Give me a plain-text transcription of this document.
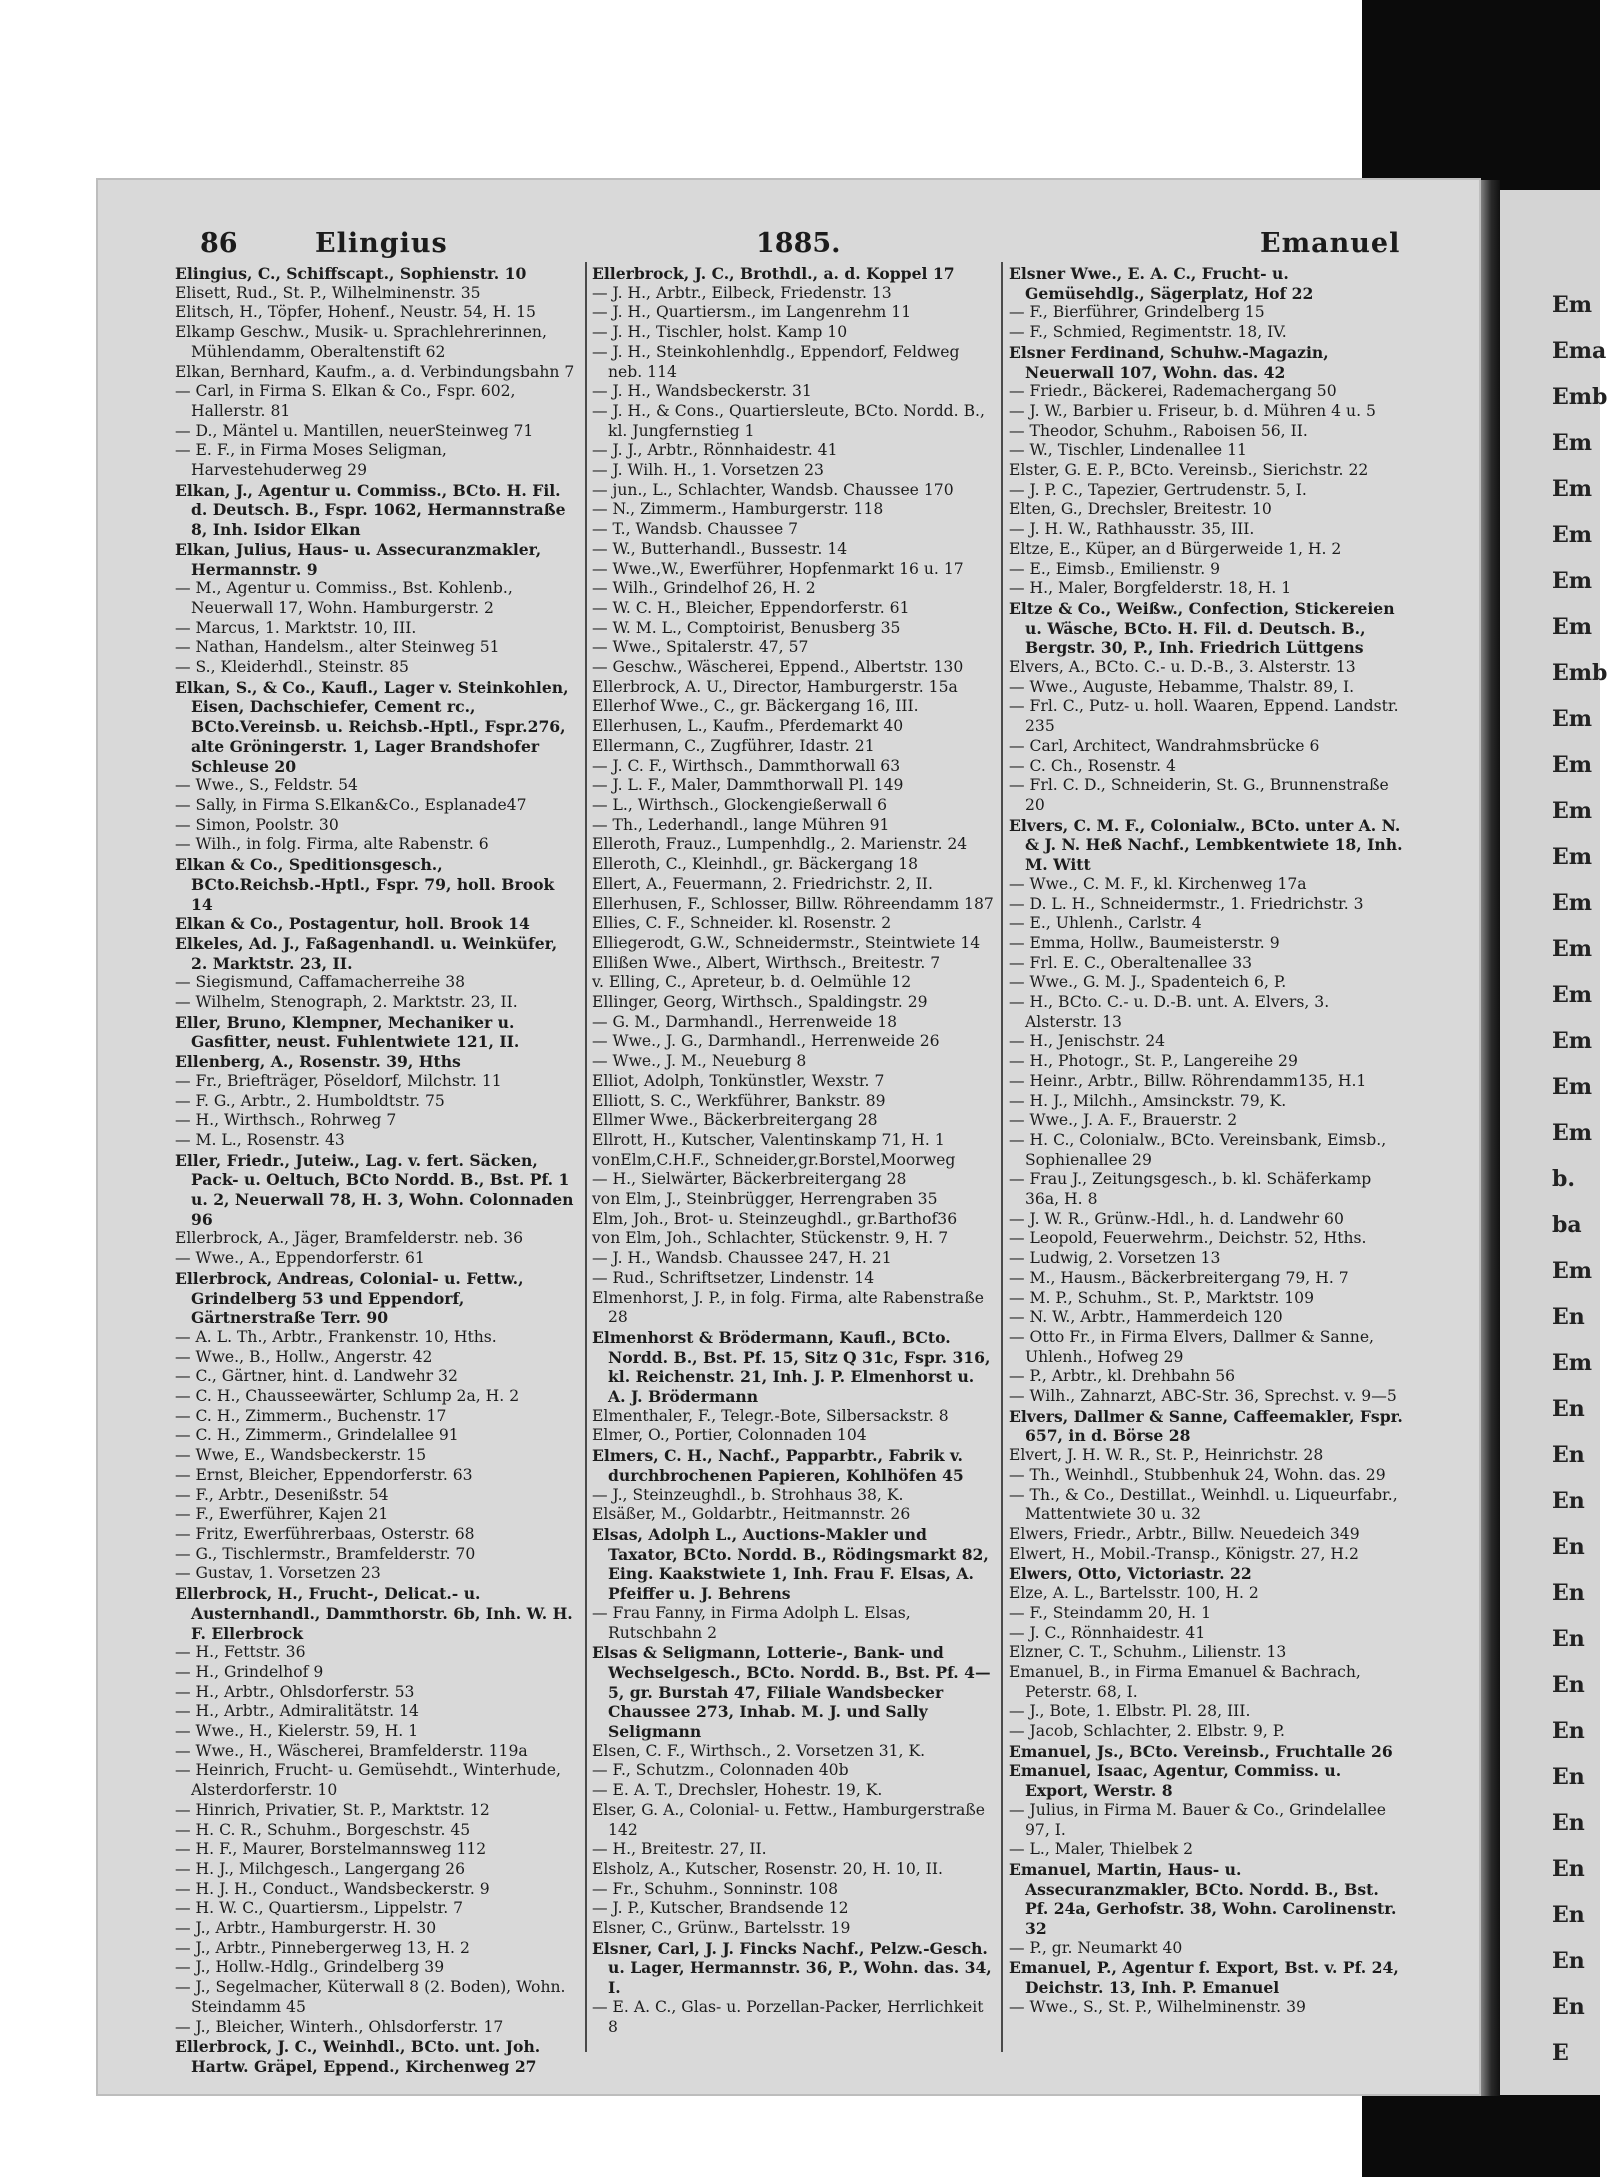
86	Elingius	1885.	Emanuel

Elingius, C., Schiffscapt., Sophienstr. 10

Elisett, Rud., St. P., Wilhelminenstr. 35

Elitsch, H., Töpfer, Hohenf., Neustr. 54, H. 15

Elkamp Geschw., Musik- u. Sprachlehrerinnen, Mühlendamm, Oberaltenstift 62

Elkan, Bernhard, Kaufm., a. d. Verbindungsbahn 7

— Carl, in Firma S. Elkan & Co., Fspr. 602, Hallerstr. 81

— D., Mäntel u. Mantillen, neuerSteinweg 71

— E. F., in Firma Moses Seligman, Harvestehuderweg 29

Elkan, J., Agentur u. Commiss., BCto. H. Fil. d. Deutsch. B., Fspr. 1062, Hermannstraße 8, Inh. Isidor Elkan

Elkan, Julius, Haus- u. Assecuranzmakler, Hermannstr. 9

— M., Agentur u. Commiss., Bst. Kohlenb., Neuerwall 17, Wohn. Hamburgerstr. 2

— Marcus, 1. Marktstr. 10, III.

— Nathan, Handelsm., alter Steinweg 51

— S., Kleiderhdl., Steinstr. 85

Elkan, S., & Co., Kaufl., Lager v. Steinkohlen, Eisen, Dachschiefer, Cement rc., BCto.Vereinsb. u. Reichsb.-Hptl., Fspr.276, alte Gröningerstr. 1, Lager Brandshofer Schleuse 20

— Wwe., S., Feldstr. 54

— Sally, in Firma S.Elkan&Co., Esplanade47

— Simon, Poolstr. 30

— Wilh., in folg. Firma, alte Rabenstr. 6

Elkan & Co., Speditionsgesch., BCto.Reichsb.-Hptl., Fspr. 79, holl. Brook 14

Elkan & Co., Postagentur, holl. Brook 14

Elkeles, Ad. J., Faßagenhandl. u. Weinküfer, 2. Marktstr. 23, II.

— Siegismund, Caffamacherreihe 38

— Wilhelm, Stenograph, 2. Marktstr. 23, II.

Eller, Bruno, Klempner, Mechaniker u. Gasfitter, neust. Fuhlentwiete 121, II.

Ellenberg, A., Rosenstr. 39, Hths

— Fr., Briefträger, Pöseldorf, Milchstr. 11

— F. G., Arbtr., 2. Humboldtstr. 75

— H., Wirthsch., Rohrweg 7

— M. L., Rosenstr. 43

Eller, Friedr., Juteiw., Lag. v. fert. Säcken, Pack- u. Oeltuch, BCto Nordd. B., Bst. Pf. 1 u. 2, Neuerwall 78, H. 3, Wohn. Colonnaden 96

Ellerbrock, A., Jäger, Bramfelderstr. neb. 36

— Wwe., A., Eppendorferstr. 61

Ellerbrock, Andreas, Colonial- u. Fettw., Grindelberg 53 und Eppendorf, Gärtnerstraße Terr. 90

— A. L. Th., Arbtr., Frankenstr. 10, Hths.

— Wwe., B., Hollw., Angerstr. 42

— C., Gärtner, hint. d. Landwehr 32

— C. H., Chausseewärter, Schlump 2a, H. 2

— C. H., Zimmerm., Buchenstr. 17

— C. H., Zimmerm., Grindelallee 91

— Wwe, E., Wandsbeckerstr. 15

— Ernst, Bleicher, Eppendorferstr. 63

— F., Arbtr., Desenißstr. 54

— F., Ewerführer, Kajen 21

— Fritz, Ewerführerbaas, Osterstr. 68

— G., Tischlermstr., Bramfelderstr. 70

— Gustav, 1. Vorsetzen 23

Ellerbrock, H., Frucht-, Delicat.- u. Austernhandl., Dammthorstr. 6b, Inh. W. H. F. Ellerbrock

— H., Fettstr. 36

— H., Grindelhof 9

— H., Arbtr., Ohlsdorferstr. 53

— H., Arbtr., Admiralitätstr. 14

— Wwe., H., Kielerstr. 59, H. 1

— Wwe., H., Wäscherei, Bramfelderstr. 119a

— Heinrich, Frucht- u. Gemüsehdt., Winterhude, Alsterdorferstr. 10

— Hinrich, Privatier, St. P., Marktstr. 12

— H. C. R., Schuhm., Borgeschstr. 45

— H. F., Maurer, Borstelmannsweg 112

— H. J., Milchgesch., Langergang 26

— H. J. H., Conduct., Wandsbeckerstr. 9

— H. W. C., Quartiersm., Lippelstr. 7

— J., Arbtr., Hamburgerstr. H. 30

— J., Arbtr., Pinnebergerweg 13, H. 2

— J., Hollw.-Hdlg., Grindelberg 39

— J., Segelmacher, Küterwall 8 (2. Boden), Wohn. Steindamm 45

— J., Bleicher, Winterh., Ohlsdorferstr. 17

Ellerbrock, J. C., Weinhdl., BCto. unt. Joh. Hartw. Gräpel, Eppend., Kirchenweg 27

Ellerbrock, J. C., Brothdl., a. d. Koppel 17

— J. H., Arbtr., Eilbeck, Friedenstr. 13

— J. H., Quartiersm., im Langenrehm 11

— J. H., Tischler, holst. Kamp 10

— J. H., Steinkohlenhdlg., Eppendorf, Feldweg neb. 114

— J. H., Wandsbeckerstr. 31

— J. H., & Cons., Quartiersleute, BCto. Nordd. B., kl. Jungfernstieg 1

— J. J., Arbtr., Rönnhaidestr. 41

— J. Wilh. H., 1. Vorsetzen 23

— jun., L., Schlachter, Wandsb. Chaussee 170

— N., Zimmerm., Hamburgerstr. 118

— T., Wandsb. Chaussee 7

— W., Butterhandl., Bussestr. 14

— Wwe.,W., Ewerführer, Hopfenmarkt 16 u. 17

— Wilh., Grindelhof 26, H. 2

— W. C. H., Bleicher, Eppendorferstr. 61

— W. M. L., Comptoirist, Benusberg 35

— Wwe., Spitalerstr. 47, 57

— Geschw., Wäscherei, Eppend., Albertstr. 130

Ellerbrock, A. U., Director, Hamburgerstr. 15a

Ellerhof Wwe., C., gr. Bäckergang 16, III.

Ellerhusen, L., Kaufm., Pferdemarkt 40

Ellermann, C., Zugführer, Idastr. 21

— J. C. F., Wirthsch., Dammthorwall 63

— J. L. F., Maler, Dammthorwall Pl. 149

— L., Wirthsch., Glockengießerwall 6

— Th., Lederhandl., lange Mühren 91

Elleroth, Frauz., Lumpenhdlg., 2. Marienstr. 24

Elleroth, C., Kleinhdl., gr. Bäckergang 18

Ellert, A., Feuermann, 2. Friedrichstr. 2, II.

Ellerhusen, F., Schlosser, Billw. Röhreendamm 187

Ellies, C. F., Schneider. kl. Rosenstr. 2

Elliegerodt, G.W., Schneidermstr., Steintwiete 14

Ellißen Wwe., Albert, Wirthsch., Breitestr. 7

v. Elling, C., Apreteur, b. d. Oelmühle 12

Ellinger, Georg, Wirthsch., Spaldingstr. 29

— G. M., Darmhandl., Herrenweide 18

— Wwe., J. G., Darmhandl., Herrenweide 26

— Wwe., J. M., Neueburg 8

Elliot, Adolph, Tonkünstler, Wexstr. 7

Elliott, S. C., Werkführer, Bankstr. 89

Ellmer Wwe., Bäckerbreitergang 28

Ellrott, H., Kutscher, Valentinskamp 71, H. 1

vonElm,C.H.F., Schneider,gr.Borstel,Moorweg

— H., Sielwärter, Bäckerbreitergang 28

von Elm, J., Steinbrügger, Herrengraben 35

Elm, Joh., Brot- u. Steinzeughdl., gr.Barthof36

von Elm, Joh., Schlachter, Stückenstr. 9, H. 7

— J. H., Wandsb. Chaussee 247, H. 21

— Rud., Schriftsetzer, Lindenstr. 14

Elmenhorst, J. P., in folg. Firma, alte Rabenstraße 28

Elmenhorst & Brödermann, Kaufl., BCto. Nordd. B., Bst. Pf. 15, Sitz Q 31c, Fspr. 316, kl. Reichenstr. 21, Inh. J. P. Elmenhorst u. A. J. Brödermann

Elmenthaler, F., Telegr.-Bote, Silbersackstr. 8

Elmer, O., Portier, Colonnaden 104

Elmers, C. H., Nachf., Papparbtr., Fabrik v. durchbrochenen Papieren, Kohlhöfen 45

— J., Steinzeughdl., b. Strohhaus 38, K.

Elsäßer, M., Goldarbtr., Heitmannstr. 26

Elsas, Adolph L., Auctions-Makler und Taxator, BCto. Nordd. B., Rödingsmarkt 82, Eing. Kaakstwiete 1, Inh. Frau F. Elsas, A. Pfeiffer u. J. Behrens

— Frau Fanny, in Firma Adolph L. Elsas, Rutschbahn 2

Elsas & Seligmann, Lotterie-, Bank- und Wechselgesch., BCto. Nordd. B., Bst. Pf. 4—5, gr. Burstah 47, Filiale Wandsbecker Chaussee 273, Inhab. M. J. und Sally Seligmann

Elsen, C. F., Wirthsch., 2. Vorsetzen 31, K.

— F., Schutzm., Colonnaden 40b

— E. A. T., Drechsler, Hohestr. 19, K.

Elser, G. A., Colonial- u. Fettw., Hamburgerstraße 142

— H., Breitestr. 27, II.

Elsholz, A., Kutscher, Rosenstr. 20, H. 10, II.

— Fr., Schuhm., Sonninstr. 108

— J. P., Kutscher, Brandsende 12

Elsner, C., Grünw., Bartelsstr. 19

Elsner, Carl, J. J. Fincks Nachf., Pelzw.-Gesch. u. Lager, Hermannstr. 36, P., Wohn. das. 34, I.

— E. A. C., Glas- u. Porzellan-Packer, Herrlichkeit 8

Elsner Wwe., E. A. C., Frucht- u. Gemüsehdlg., Sägerplatz, Hof 22

— F., Bierführer, Grindelberg 15

— F., Schmied, Regimentstr. 18, IV.

Elsner Ferdinand, Schuhw.-Magazin, Neuerwall 107, Wohn. das. 42

— Friedr., Bäckerei, Rademachergang 50

— J. W., Barbier u. Friseur, b. d. Mühren 4 u. 5

— Theodor, Schuhm., Raboisen 56, II.

— W., Tischler, Lindenallee 11

Elster, G. E. P., BCto. Vereinsb., Sierichstr. 22

— J. P. C., Tapezier, Gertrudenstr. 5, I.

Elten, G., Drechsler, Breitestr. 10

— J. H. W., Rathhausstr. 35, III.

Eltze, E., Küper, an d Bürgerweide 1, H. 2

— E., Eimsb., Emilienstr. 9

— H., Maler, Borgfelderstr. 18, H. 1

Eltze & Co., Weißw., Confection, Stickereien u. Wäsche, BCto. H. Fil. d. Deutsch. B., Bergstr. 30, P., Inh. Friedrich Lüttgens

Elvers, A., BCto. C.- u. D.-B., 3. Alsterstr. 13

— Wwe., Auguste, Hebamme, Thalstr. 89, I.

— Frl. C., Putz- u. holl. Waaren, Eppend. Landstr. 235

— Carl, Architect, Wandrahmsbrücke 6

— C. Ch., Rosenstr. 4

— Frl. C. D., Schneiderin, St. G., Brunnenstraße 20

Elvers, C. M. F., Colonialw., BCto. unter A. N. & J. N. Heß Nachf., Lembkentwiete 18, Inh. M. Witt

— Wwe., C. M. F., kl. Kirchenweg 17a

— D. L. H., Schneidermstr., 1. Friedrichstr. 3

— E., Uhlenh., Carlstr. 4

— Emma, Hollw., Baumeisterstr. 9

— Frl. E. C., Oberaltenallee 33

— Wwe., G. M. J., Spadenteich 6, P.

— H., BCto. C.- u. D.-B. unt. A. Elvers, 3. Alsterstr. 13

— H., Jenischstr. 24

— H., Photogr., St. P., Langereihe 29

— Heinr., Arbtr., Billw. Röhrendamm135, H.1

— H. J., Milchh., Amsinckstr. 79, K.

— Wwe., J. A. F., Brauerstr. 2

— H. C., Colonialw., BCto. Vereinsbank, Eimsb., Sophienallee 29

— Frau J., Zeitungsgesch., b. kl. Schäferkamp 36a, H. 8

— J. W. R., Grünw.-Hdl., h. d. Landwehr 60

— Leopold, Feuerwehrm., Deichstr. 52, Hths.

— Ludwig, 2. Vorsetzen 13

— M., Hausm., Bäckerbreitergang 79, H. 7

— M. P., Schuhm., St. P., Marktstr. 109

— N. W., Arbtr., Hammerdeich 120

— Otto Fr., in Firma Elvers, Dallmer & Sanne, Uhlenh., Hofweg 29

— P., Arbtr., kl. Drehbahn 56

— Wilh., Zahnarzt, ABC-Str. 36, Sprechst. v. 9—5

Elvers, Dallmer & Sanne, Caffeemakler, Fspr. 657, in d. Börse 28

Elvert, J. H. W. R., St. P., Heinrichstr. 28

— Th., Weinhdl., Stubbenhuk 24, Wohn. das. 29

— Th., & Co., Destillat., Weinhdl. u. Liqueurfabr., Mattentwiete 30 u. 32

Elwers, Friedr., Arbtr., Billw. Neuedeich 349

Elwert, H., Mobil.-Transp., Königstr. 27, H.2

Elwers, Otto, Victoriastr. 22

Elze, A. L., Bartelsstr. 100, H. 2

— F., Steindamm 20, H. 1

— J. C., Rönnhaidestr. 41

Elzner, C. T., Schuhm., Lilienstr. 13

Emanuel, B., in Firma Emanuel & Bachrach, Peterstr. 68, I.

— J., Bote, 1. Elbstr. Pl. 28, III.

— Jacob, Schlachter, 2. Elbstr. 9, P.

Emanuel, Js., BCto. Vereinsb., Fruchtalle 26

Emanuel, Isaac, Agentur, Commiss. u. Export, Werstr. 8

— Julius, in Firma M. Bauer & Co., Grindelallee 97, I.

— L., Maler, Thielbek 2

Emanuel, Martin, Haus- u. Assecuranzmakler, BCto. Nordd. B., Bst. Pf. 24a, Gerhofstr. 38, Wohn. Carolinenstr. 32

— P., gr. Neumarkt 40

Emanuel, P., Agentur f. Export, Bst. v. Pf. 24, Deichstr. 13, Inh. P. Emanuel

— Wwe., S., St. P., Wilhelminenstr. 39

Em
Ema
Emb
Em
Em
Em
Em
Em
Emb
Em
Em
Em
Em
Em
Em
Em
Em
Em
Em
b.
ba
Em
En
Em
En
En
En
En
En
En
En
En
En
En
En
En
En
En
E
